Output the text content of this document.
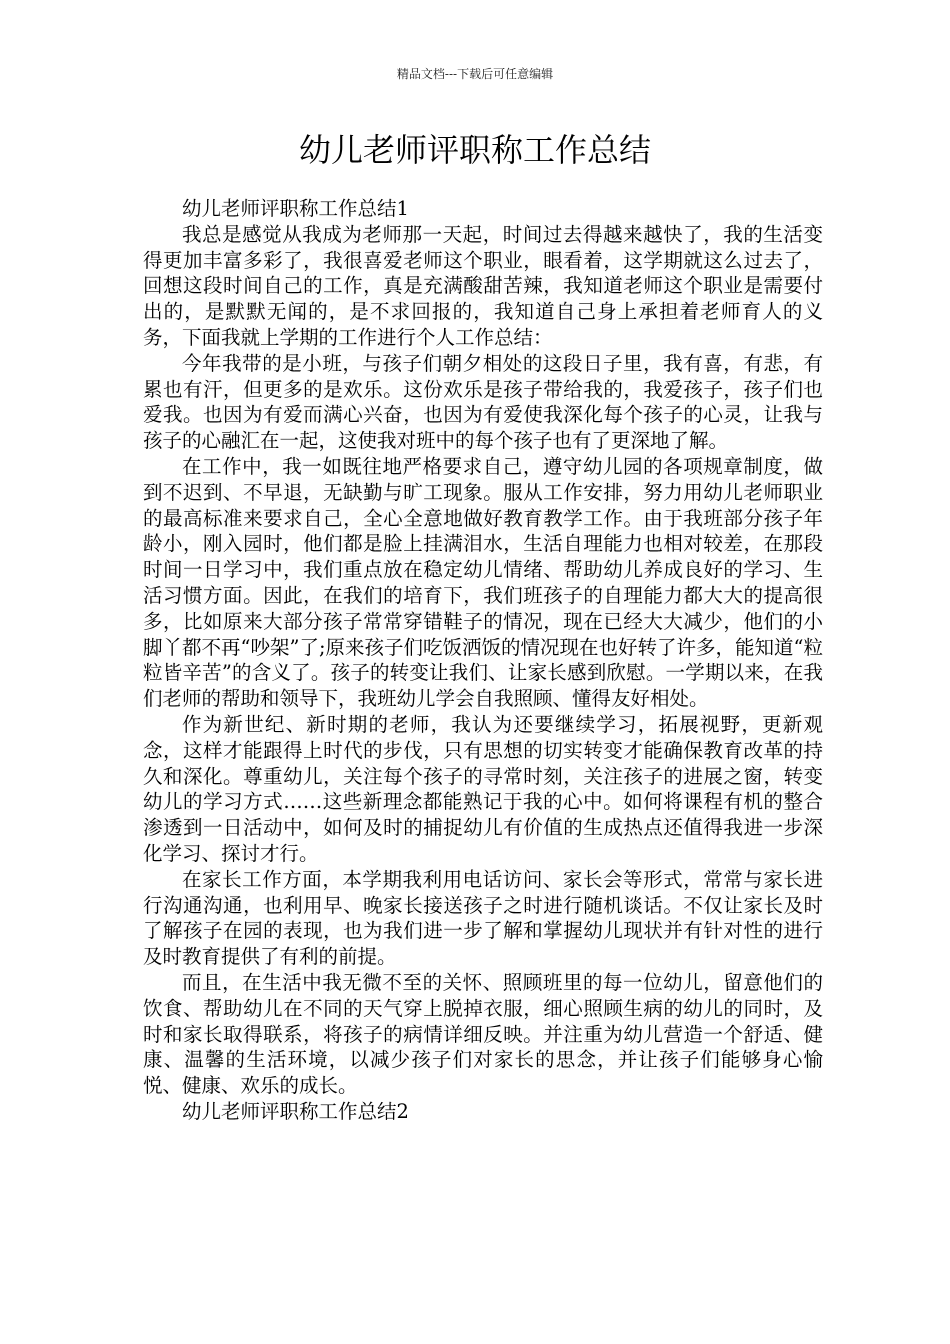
精品文档---下载后可任意编辑
幼儿老师评职称工作总结

幼儿老师评职称工作总结1

我总是感觉从我成为老师那一天起，时间过去得越来越快了，我的生活变得更加丰富多彩了，我很喜爱老师这个职业，眼看着，这学期就这么过去了，回想这段时间自己的工作，真是充满酸甜苦辣，我知道老师这个职业是需要付出的，是默默无闻的，是不求回报的，我知道自己身上承担着老师育人的义务，下面我就上学期的工作进行个人工作总结：

今年我带的是小班，与孩子们朝夕相处的这段日子里，我有喜，有悲，有累也有汗，但更多的是欢乐。这份欢乐是孩子带给我的，我爱孩子，孩子们也爱我。也因为有爱而满心兴奋，也因为有爱使我深化每个孩子的心灵，让我与孩子的心融汇在一起，这使我对班中的每个孩子也有了更深地了解。

在工作中，我一如既往地严格要求自己，遵守幼儿园的各项规章制度，做到不迟到、不早退，无缺勤与旷工现象。服从工作安排，努力用幼儿老师职业的最高标准来要求自己，全心全意地做好教育教学工作。由于我班部分孩子年龄小，刚入园时，他们都是脸上挂满泪水，生活自理能力也相对较差，在那段时间一日学习中，我们重点放在稳定幼儿情绪、帮助幼儿养成良好的学习、生活习惯方面。因此，在我们的培育下，我们班孩子的自理能力都大大的提高很多，比如原来大部分孩子常常穿错鞋子的情况，现在已经大大减少，他们的小脚丫都不再“吵架”了;原来孩子们吃饭洒饭的情况现在也好转了许多，能知道“粒粒皆辛苦”的含义了。孩子的转变让我们、让家长感到欣慰。一学期以来，在我们老师的帮助和领导下，我班幼儿学会自我照顾、懂得友好相处。

作为新世纪、新时期的老师，我认为还要继续学习，拓展视野，更新观念，这样才能跟得上时代的步伐，只有思想的切实转变才能确保教育改革的持久和深化。尊重幼儿，关注每个孩子的寻常时刻，关注孩子的进展之窗，转变幼儿的学习方式……这些新理念都能熟记于我的心中。如何将课程有机的整合渗透到一日活动中，如何及时的捕捉幼儿有价值的生成热点还值得我进一步深化学习、探讨才行。

在家长工作方面，本学期我利用电话访问、家长会等形式，常常与家长进行沟通沟通，也利用早、晚家长接送孩子之时进行随机谈话。不仅让家长及时了解孩子在园的表现，也为我们进一步了解和掌握幼儿现状并有针对性的进行及时教育提供了有利的前提。

而且，在生活中我无微不至的关怀、照顾班里的每一位幼儿，留意他们的饮食、帮助幼儿在不同的天气穿上脱掉衣服，细心照顾生病的幼儿的同时，及时和家长取得联系，将孩子的病情详细反映。并注重为幼儿营造一个舒适、健康、温馨的生活环境，以减少孩子们对家长的思念，并让孩子们能够身心愉悦、健康、欢乐的成长。

幼儿老师评职称工作总结2
